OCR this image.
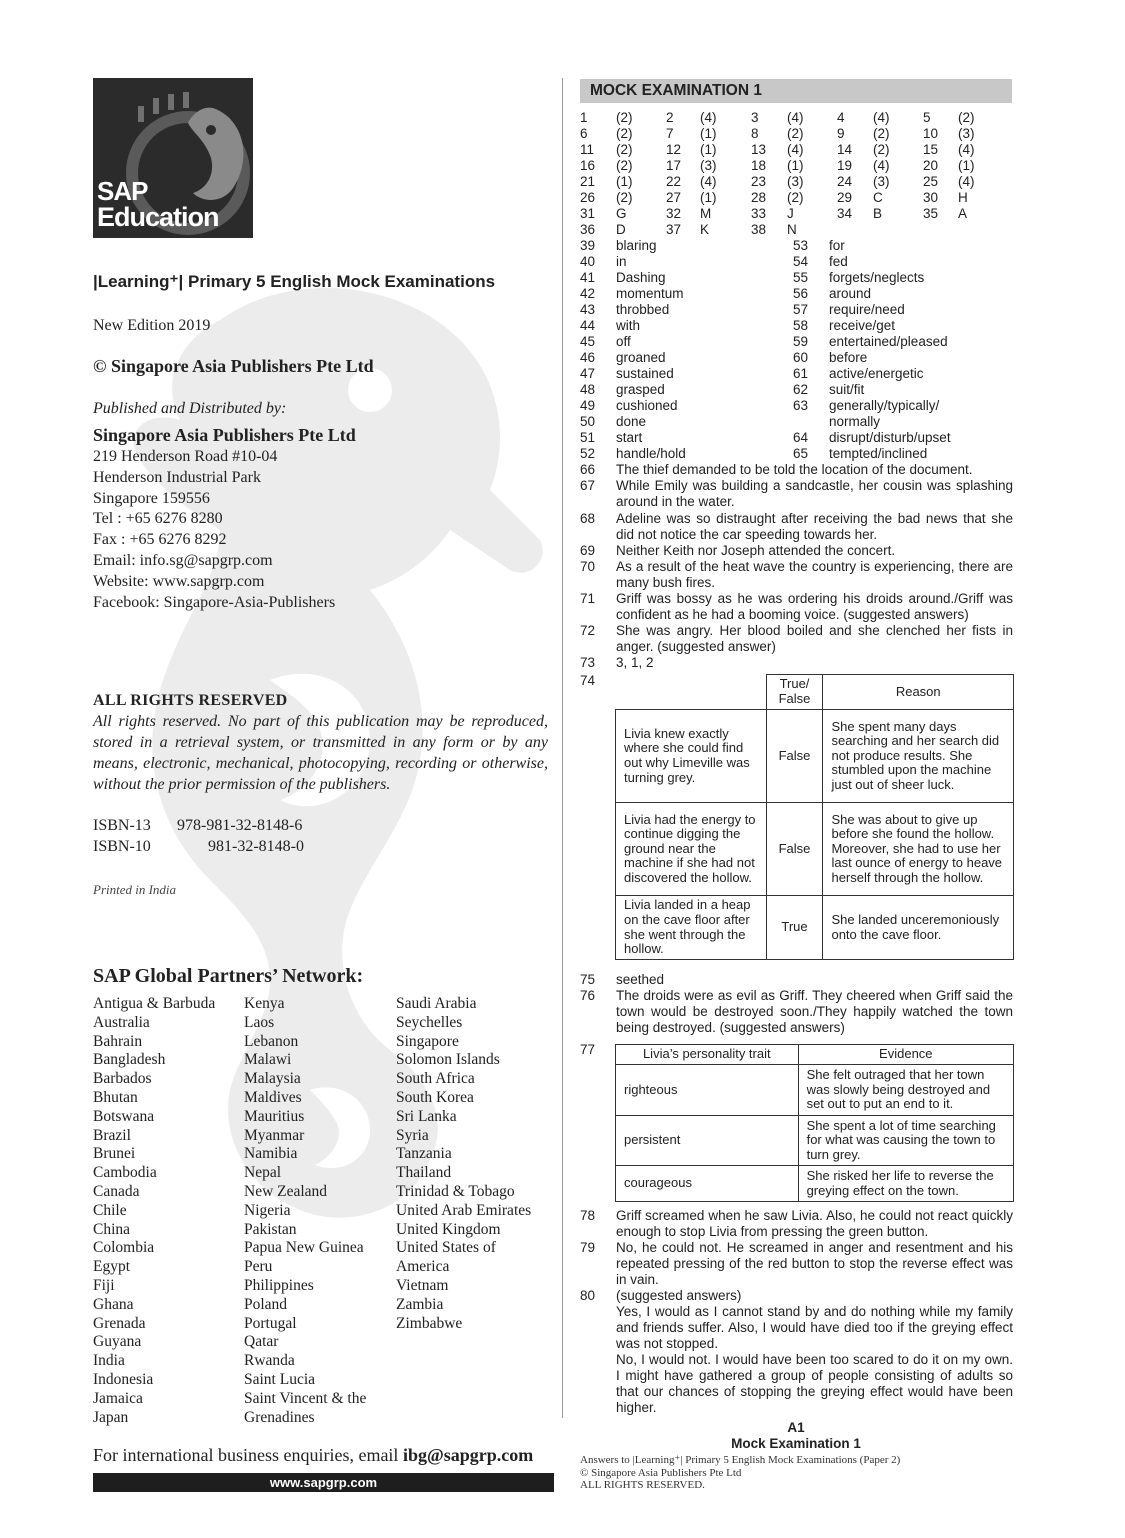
SAP
Education
|Learning⁺| Primary 5 English Mock Examinations
New Edition 2019
© Singapore Asia Publishers Pte Ltd
Published and Distributed by:
Singapore Asia Publishers Pte Ltd
219 Henderson Road #10-04
Henderson Industrial Park
Singapore 159556
Tel : +65 6276 8280
Fax : +65 6276 8292
Email: info.sg@sapgrp.com
Website: www.sapgrp.com
Facebook: Singapore-Asia-Publishers
ALL RIGHTS RESERVED
All rights reserved. No part of this publication may be reproduced, stored in a retrieval system, or transmitted in any form or by any means, electronic, mechanical, photocopying, recording or otherwise, without the prior permission of the publishers.
ISBN-13 978-981-32-8148-6
ISBN-10	981-32-8148-0
Printed in India
SAP Global Partners’ Network:
Antigua & Barbuda
Australia
Bahrain
Bangladesh
Barbados
Bhutan
Botswana
Brazil
Brunei
Cambodia
Canada
Chile
China
Colombia
Egypt
Fiji
Ghana
Grenada
Guyana
India
Indonesia
Jamaica
Japan
Kenya
Laos
Lebanon
Malawi
Malaysia
Maldives
Mauritius
Myanmar
Namibia
Nepal
New Zealand
Nigeria
Pakistan
Papua New Guinea
Peru
Philippines
Poland
Portugal
Qatar
Rwanda
Saint Lucia
Saint Vincent & the
Grenadines
Saudi Arabia
Seychelles
Singapore
Solomon Islands
South Africa
South Korea
Sri Lanka
Syria
Tanzania
Thailand
Trinidad & Tobago
United Arab Emirates
United Kingdom
United States of
America
Vietnam
Zambia
Zimbabwe
For international business enquiries, email ibg@sapgrp.com
www.sapgrp.com
MOCK EXAMINATION 1
1 (2) 2 (4)	3 (4) 4 (4) 5 (2)
6 (2) 7 (1)	8 (2) 9 (2) 10 (3)
11 (2) 12 (1)	13 (4) 14 (2) 15 (4)
16 (2) 17 (3)	18 (1) 19 (4) 20 (1)
21 (1) 22 (4)	23 (3) 24 (3) 25 (4)
26 (2) 27 (1)	28 (2) 29 C	30 H
31 G	32 M	33 J	34 B	35 A
36 D	37 K	38 N
39 blaring	53 for
40 in	54 fed
41 Dashing	55 forgets/neglects
42 momentum	56 around
43 throbbed	57 require/need
44 with	58 receive/get
45 off	59 entertained/pleased
46 groaned	60 before
47 sustained	61 active/energetic
48 grasped	62 suit/fit
49 cushioned	63 generally/typically/
50 done	normally
51 start	64 disrupt/disturb/upset
52 handle/hold	65 tempted/inclined
66 The thief demanded to be told the location of the document.
67 While Emily was building a sandcastle, her cousin was splashing around in the water.
68 Adeline was so distraught after receiving the bad news that she did not notice the car speeding towards her.
69 Neither Keith nor Joseph attended the concert.
70 As a result of the heat wave the country is experiencing, there are many bush fires.
71 Griff was bossy as he was ordering his droids around./Griff was confident as he had a booming voice. (suggested answers)
72 She was angry. Her blood boiled and she clenched her fists in anger. (suggested answer)
73 3, 1, 2
74
		True/ False	Reason
Livia knew exactly where she could find out why Limeville was turning grey.	False	She spent many days searching and her search did not produce results. She stumbled upon the machine just out of sheer luck.
Livia had the energy to continue digging the ground near the machine if she had not discovered the hollow.	False	She was about to give up before she found the hollow. Moreover, she had to use her last ounce of energy to heave herself through the hollow.
Livia landed in a heap on the cave floor after she went through the hollow.	True	She landed unceremoniously onto the cave floor.
75 seethed
76 The droids were as evil as Griff. They cheered when Griff said the town would be destroyed soon./They happily watched the town being destroyed. (suggested answers)
77	Livia’s personality trait	Evidence
righteous	She felt outraged that her town was slowly being destroyed and set out to put an end to it.
persistent	She spent a lot of time searching for what was causing the town to turn grey.
courageous	She risked her life to reverse the greying effect on the town.
78 Griff screamed when he saw Livia. Also, he could not react quickly enough to stop Livia from pressing the green button.
79 No, he could not. He screamed in anger and resentment and his repeated pressing of the red button to stop the reverse effect was in vain.
80 (suggested answers)
Yes, I would as I cannot stand by and do nothing while my family and friends suffer. Also, I would have died too if the greying effect was not stopped.
No, I would not. I would have been too scared to do it on my own. I might have gathered a group of people consisting of adults so that our chances of stopping the greying effect would have been higher.
A1
Mock Examination 1
Answers to |Learning⁺| Primary 5 English Mock Examinations (Paper 2)
© Singapore Asia Publishers Pte Ltd
ALL RIGHTS RESERVED.
